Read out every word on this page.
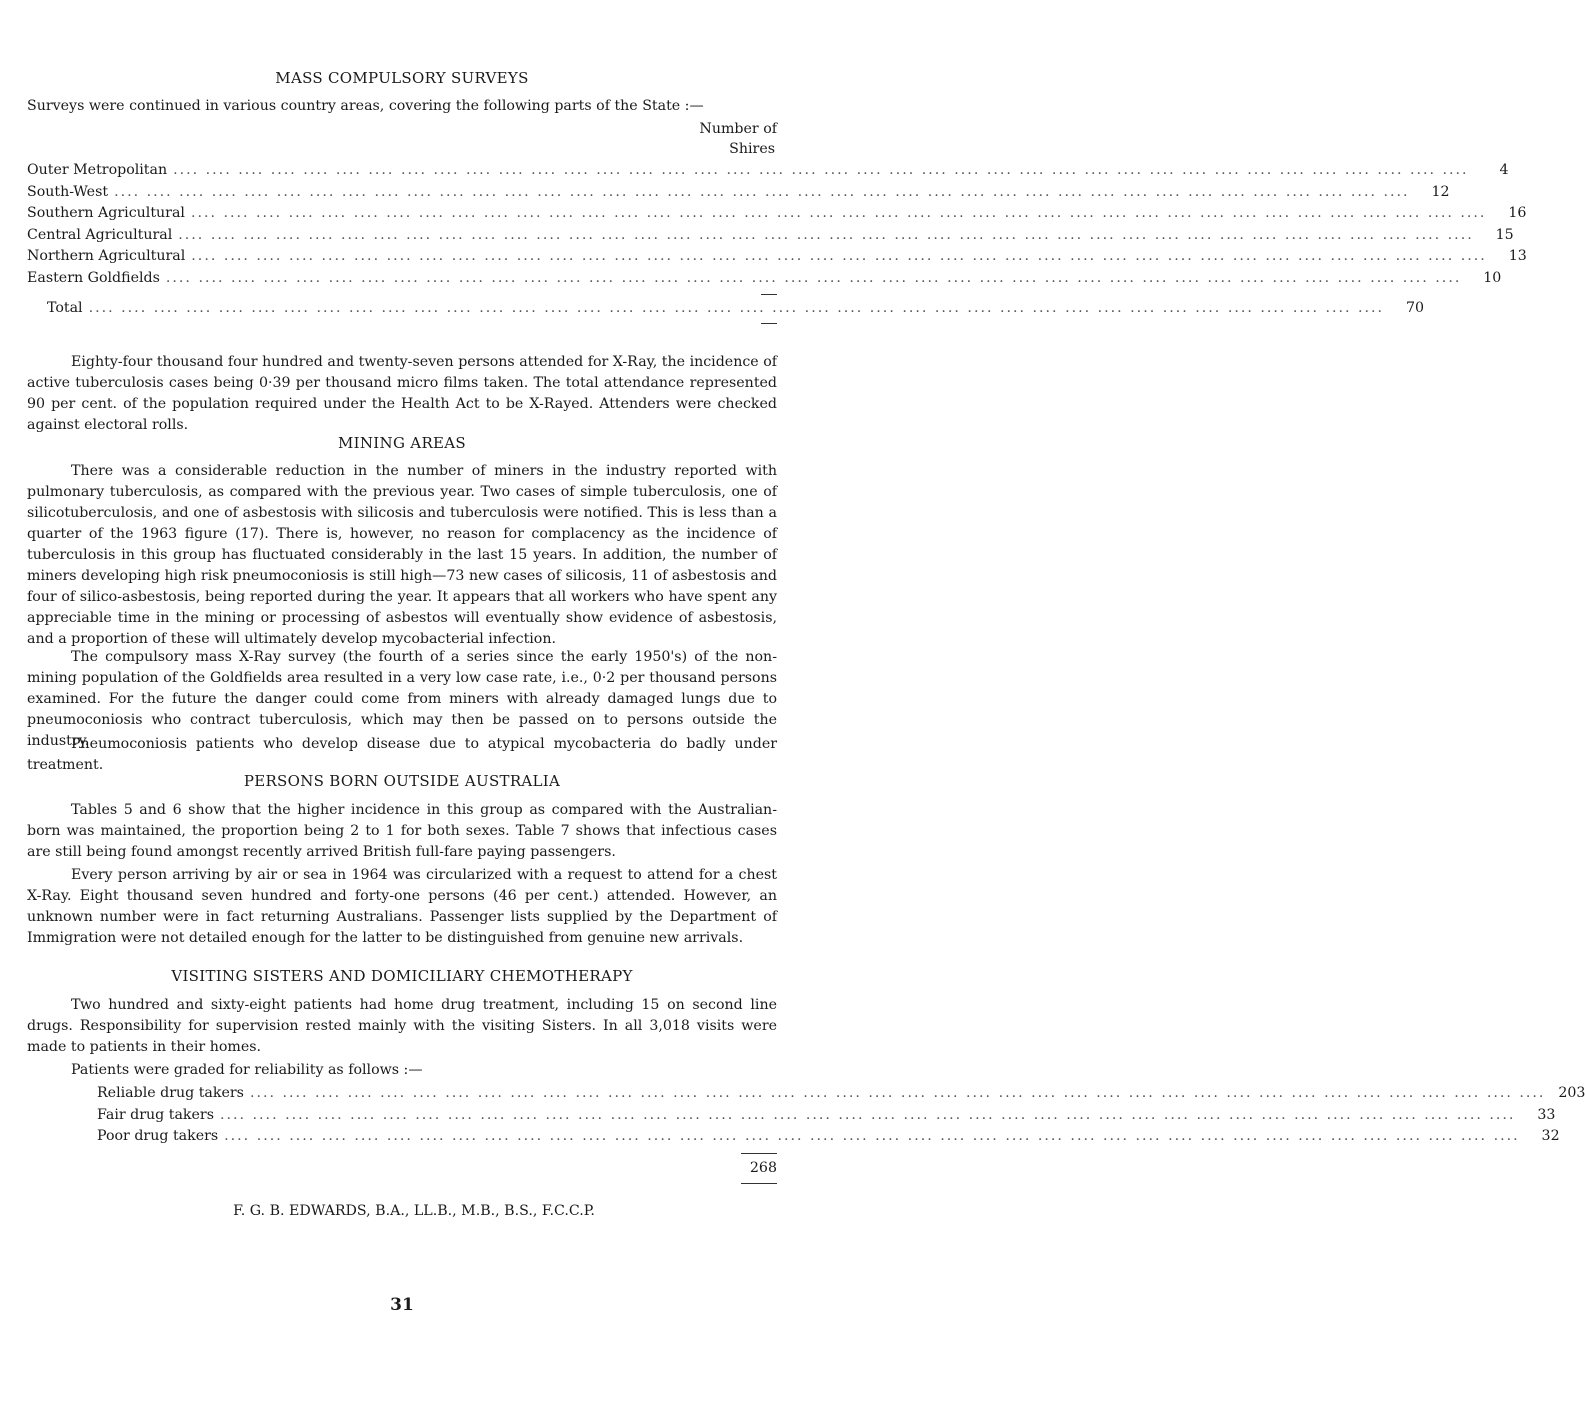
MASS COMPULSORY SURVEYS

Surveys were continued in various country areas, covering the following parts of the State :—

Number of
Shires
Outer Metropolitan .... .... .... .... .... .... .... .... .... .... .... .... .... .... .... .... .... .... .... .... .... .... .... .... .... .... .... .... .... .... .... .... .... .... .... .... .... .... .... ....	4
South-West .... .... .... .... .... .... .... .... .... .... .... .... .... .... .... .... .... .... .... .... .... .... .... .... .... .... .... .... .... .... .... .... .... .... .... .... .... .... .... ....	12
Southern Agricultural .... .... .... .... .... .... .... .... .... .... .... .... .... .... .... .... .... .... .... .... .... .... .... .... .... .... .... .... .... .... .... .... .... .... .... .... .... .... .... ....	16
Central Agricultural .... .... .... .... .... .... .... .... .... .... .... .... .... .... .... .... .... .... .... .... .... .... .... .... .... .... .... .... .... .... .... .... .... .... .... .... .... .... .... ....	15
Northern Agricultural .... .... .... .... .... .... .... .... .... .... .... .... .... .... .... .... .... .... .... .... .... .... .... .... .... .... .... .... .... .... .... .... .... .... .... .... .... .... .... ....	13
Eastern Goldfields .... .... .... .... .... .... .... .... .... .... .... .... .... .... .... .... .... .... .... .... .... .... .... .... .... .... .... .... .... .... .... .... .... .... .... .... .... .... .... ....	10
Total .... .... .... .... .... .... .... .... .... .... .... .... .... .... .... .... .... .... .... .... .... .... .... .... .... .... .... .... .... .... .... .... .... .... .... .... .... .... .... ....	70

Eighty-four thousand four hundred and twenty-seven persons attended for X-Ray, the incidence of active tuberculosis cases being 0·39 per thousand micro films taken. The total attendance represented 90 per cent. of the population required under the Health Act to be X-Rayed. Attenders were checked against electoral rolls.

MINING AREAS

There was a considerable reduction in the number of miners in the industry reported with pulmonary tuberculosis, as compared with the previous year. Two cases of simple tuberculosis, one of silicotuberculosis, and one of asbestosis with silicosis and tuberculosis were notified. This is less than a quarter of the 1963 figure (17). There is, however, no reason for complacency as the incidence of tuberculosis in this group has fluctuated considerably in the last 15 years. In addition, the number of miners developing high risk pneumoconiosis is still high—73 new cases of silicosis, 11 of asbestosis and four of silico-asbestosis, being reported during the year. It appears that all workers who have spent any appreciable time in the mining or processing of asbestos will eventually show evidence of asbestosis, and a proportion of these will ultimately develop mycobacterial infection.

The compulsory mass X-Ray survey (the fourth of a series since the early 1950's) of the non-mining population of the Goldfields area resulted in a very low case rate, i.e., 0·2 per thousand persons examined. For the future the danger could come from miners with already damaged lungs due to pneumoconiosis who contract tuberculosis, which may then be passed on to persons outside the industry.

Pneumoconiosis patients who develop disease due to atypical mycobacteria do badly under treatment.

PERSONS BORN OUTSIDE AUSTRALIA

Tables 5 and 6 show that the higher incidence in this group as compared with the Australian-born was maintained, the proportion being 2 to 1 for both sexes. Table 7 shows that infectious cases are still being found amongst recently arrived British full-fare paying passengers.

Every person arriving by air or sea in 1964 was circularized with a request to attend for a chest X-Ray. Eight thousand seven hundred and forty-one persons (46 per cent.) attended. However, an unknown number were in fact returning Australians. Passenger lists supplied by the Department of Immigration were not detailed enough for the latter to be distinguished from genuine new arrivals.

VISITING SISTERS AND DOMICILIARY CHEMOTHERAPY

Two hundred and sixty-eight patients had home drug treatment, including 15 on second line drugs. Responsibility for supervision rested mainly with the visiting Sisters. In all 3,018 visits were made to patients in their homes.

Patients were graded for reliability as follows :—

Reliable drug takers .... .... .... .... .... .... .... .... .... .... .... .... .... .... .... .... .... .... .... .... .... .... .... .... .... .... .... .... .... .... .... .... .... .... .... .... .... .... .... .... 203
Fair drug takers .... .... .... .... .... .... .... .... .... .... .... .... .... .... .... .... .... .... .... .... .... .... .... .... .... .... .... .... .... .... .... .... .... .... .... .... .... .... .... ....	33
Poor drug takers .... .... .... .... .... .... .... .... .... .... .... .... .... .... .... .... .... .... .... .... .... .... .... .... .... .... .... .... .... .... .... .... .... .... .... .... .... .... .... ....	32
268
F. G. B. EDWARDS, B.A., LL.B., M.B., B.S., F.C.C.P.
31
